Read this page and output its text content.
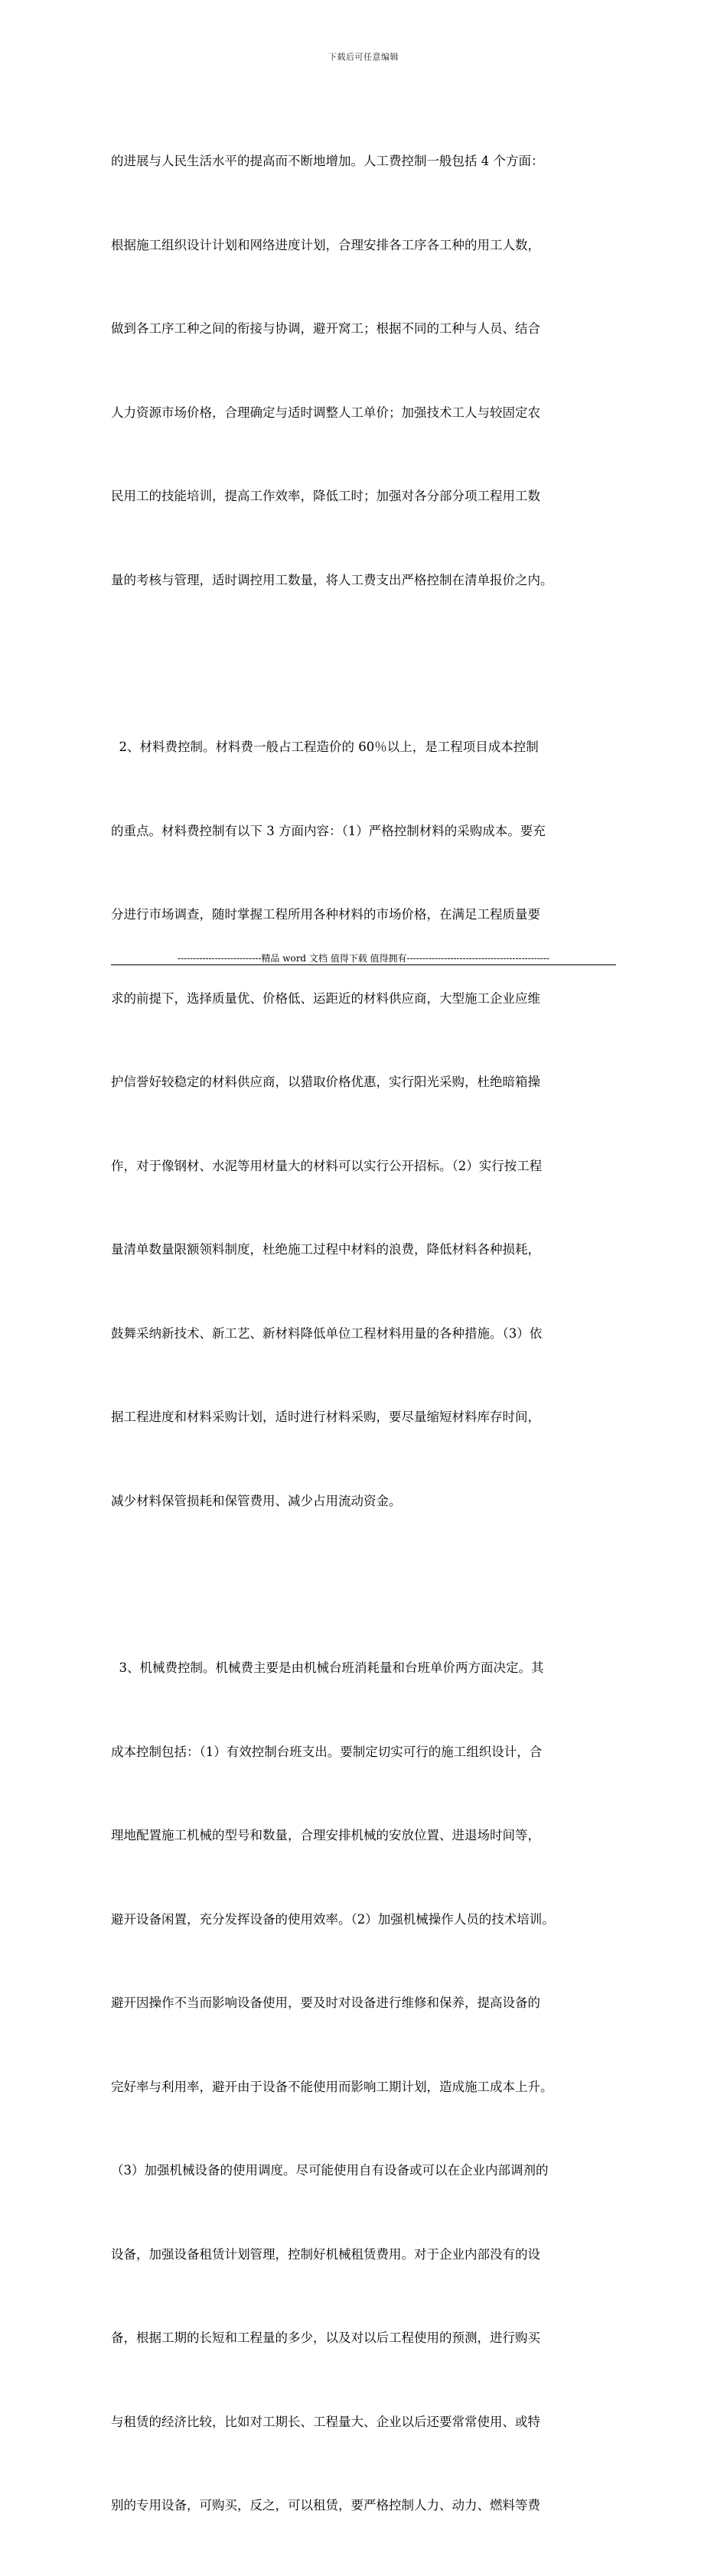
下载后可任意编辑

的进展与人民生活水平的提高而不断地增加。人工费控制一般包括 4 个方面：

根据施工组织设计计划和网络进度计划，合理安排各工序各工种的用工人数，

做到各工序工种之间的衔接与协调，避开窝工；根据不同的工种与人员、结合

人力资源市场价格，合理确定与适时调整人工单价；加强技术工人与较固定农

民用工的技能培训，提高工作效率，降低工时；加强对各分部分项工程用工数

量的考核与管理，适时调控用工数量，将人工费支出严格控制在清单报价之内。

2、材料费控制。材料费一般占工程造价的 60％以上，是工程项目成本控制

的重点。材料费控制有以下 3 方面内容：（1）严格控制材料的采购成本。要充

分进行市场调查，随时掌握工程所用各种材料的市场价格，在满足工程质量要

求的前提下，选择质量优、价格低、运距近的材料供应商，大型施工企业应维

护信誉好较稳定的材料供应商，以猎取价格优惠，实行阳光采购，杜绝暗箱操

作，对于像钢材、水泥等用材量大的材料可以实行公开招标。（2）实行按工程

量清单数量限额领料制度，杜绝施工过程中材料的浪费，降低材料各种损耗，

鼓舞采纳新技术、新工艺、新材料降低单位工程材料用量的各种措施。（3）依

据工程进度和材料采购计划，适时进行材料采购，要尽量缩短材料库存时间，

减少材料保管损耗和保管费用、减少占用流动资金。

3、机械费控制。机械费主要是由机械台班消耗量和台班单价两方面决定。其

成本控制包括：（1）有效控制台班支出。要制定切实可行的施工组织设计，合

理地配置施工机械的型号和数量，合理安排机械的安放位置、进退场时间等，

避开设备闲置，充分发挥设备的使用效率。（2）加强机械操作人员的技术培训。

避开因操作不当而影响设备使用，要及时对设备进行维修和保养，提高设备的

完好率与利用率，避开由于设备不能使用而影响工期计划，造成施工成本上升。

（3）加强机械设备的使用调度。尽可能使用自有设备或可以在企业内部调剂的

设备，加强设备租赁计划管理，控制好机械租赁费用。对于企业内部没有的设

备，根据工期的长短和工程量的多少，以及对以后工程使用的预测，进行购买

与租赁的经济比较，比如对工期长、工程量大、企业以后还要常常使用、或特

别的专用设备，可购买，反之，可以租赁，要严格控制人力、动力、燃料等费

---------------------------精品 word 文档 值得下载 值得拥有----------------------------------------------
